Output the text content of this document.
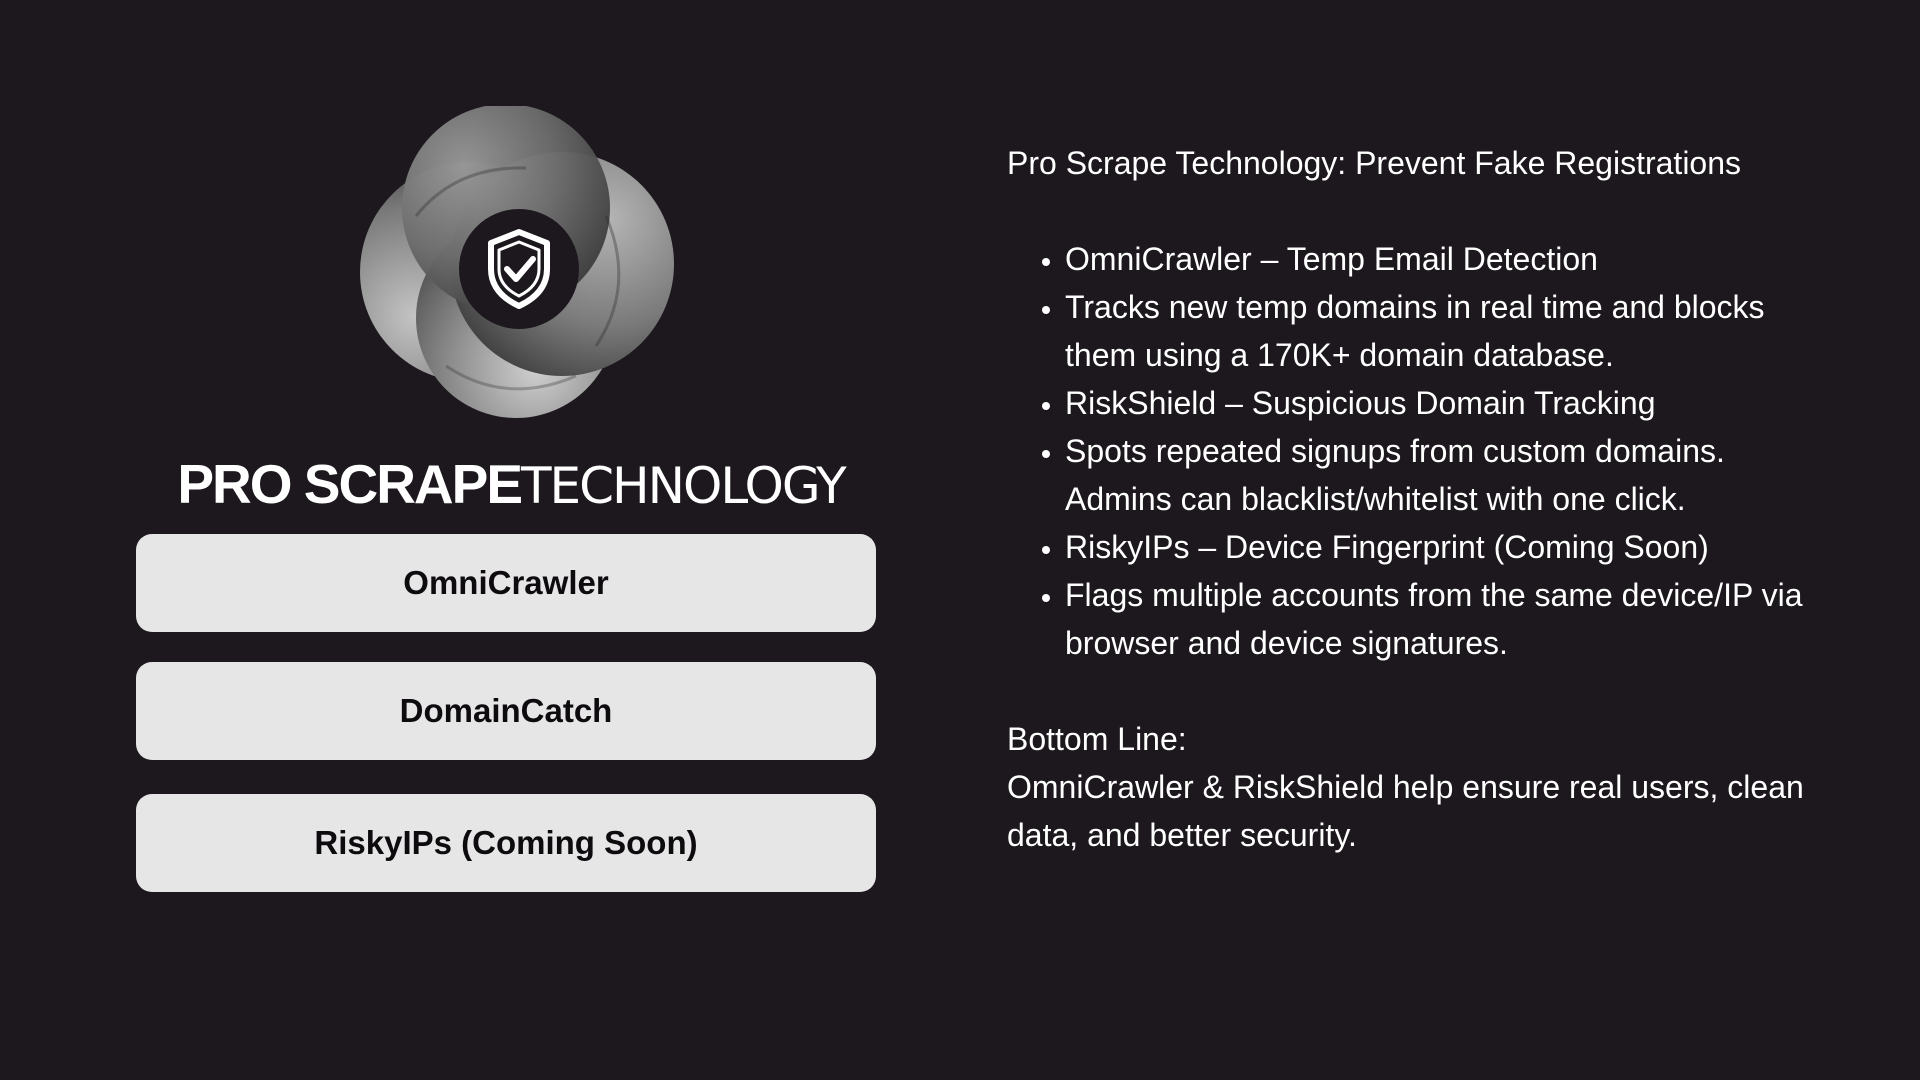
PRO SCRAPETECHNOLOGY
OmniCrawler
DomainCatch
RiskyIPs (Coming Soon)

Pro Scrape Technology: Prevent Fake Registrations

• OmniCrawler – Temp Email Detection
• Tracks new temp domains in real time and blocks them using a 170K+ domain database.
• RiskShield – Suspicious Domain Tracking
• Spots repeated signups from custom domains. Admins can blacklist/whitelist with one click.
• RiskyIPs – Device Fingerprint (Coming Soon)
• Flags multiple accounts from the same device/IP via browser and device signatures.

Bottom Line:

OmniCrawler & RiskShield help ensure real users, clean data, and better security.
